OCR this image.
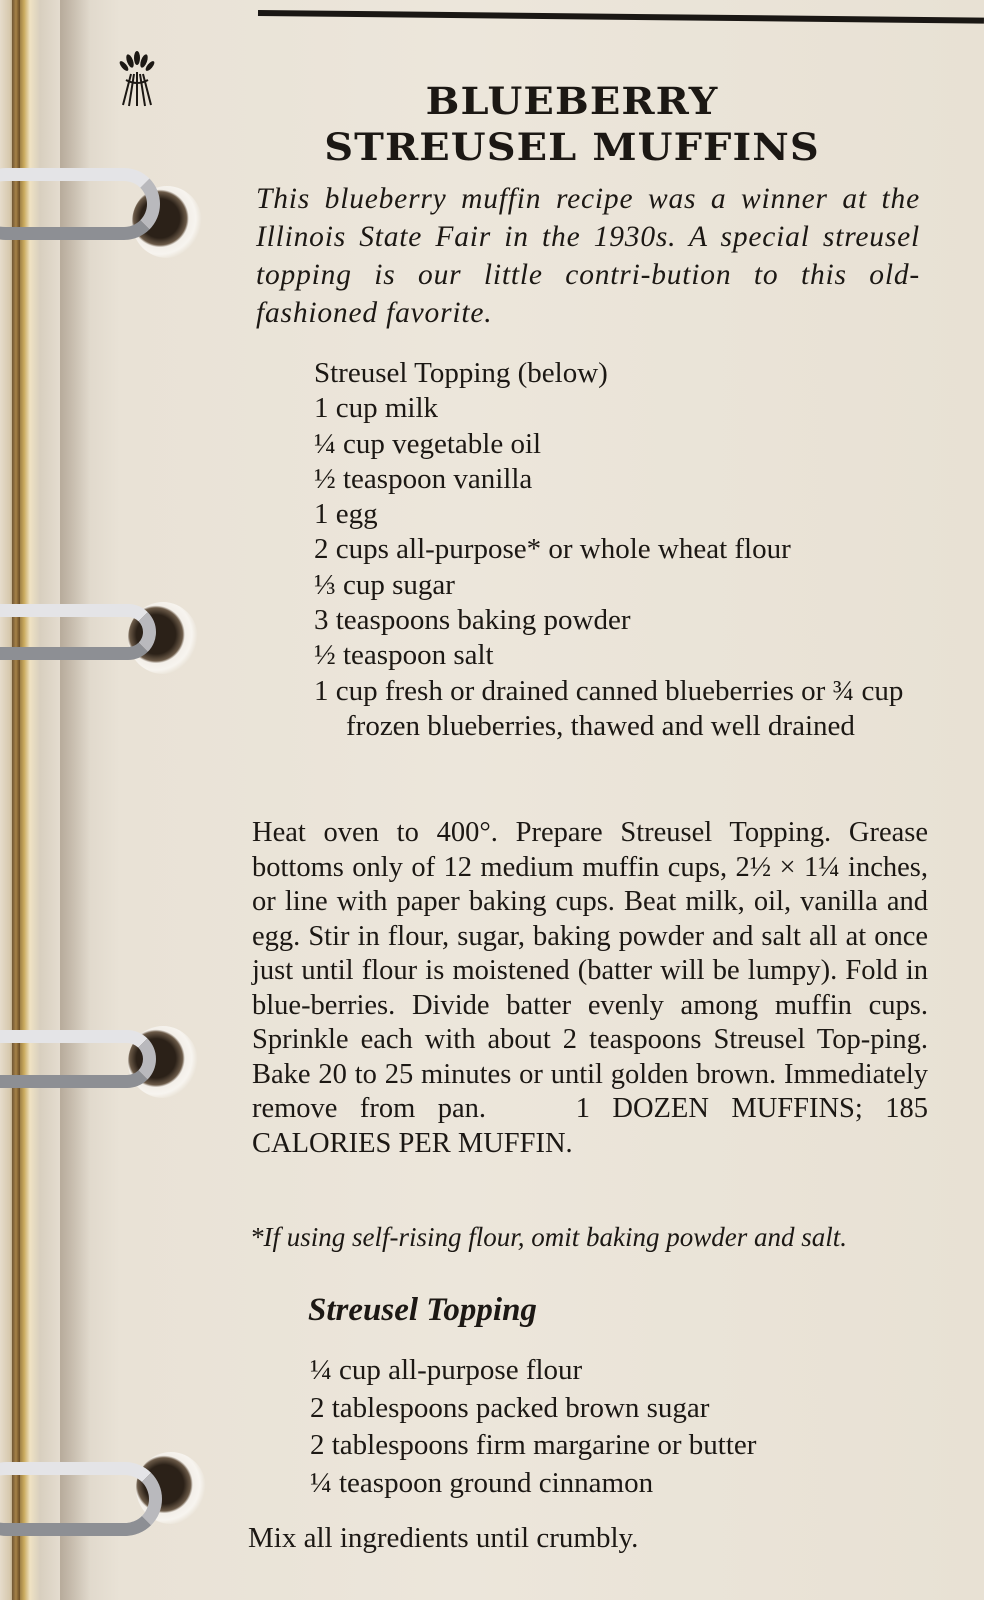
BLUEBERRY
STREUSEL MUFFINS

This blueberry muffin recipe was a winner at the Illinois State Fair in the 1930s. A special streusel topping is our little contri-bution to this old-fashioned favorite.

Streusel Topping (below)
1 cup milk
¼ cup vegetable oil
½ teaspoon vanilla
1 egg
2 cups all-purpose* or whole wheat flour
⅓ cup sugar
3 teaspoons baking powder
½ teaspoon salt
1 cup fresh or drained canned blueberries or ¾ cup frozen blueberries, thawed and well drained

Heat oven to 400°. Prepare Streusel Topping. Grease bottoms only of 12 medium muffin cups, 2½ × 1¼ inches, or line with paper baking cups. Beat milk, oil, vanilla and egg. Stir in flour, sugar, baking powder and salt all at once just until flour is moistened (batter will be lumpy). Fold in blue-berries. Divide batter evenly among muffin cups. Sprinkle each with about 2 teaspoons Streusel Top-ping. Bake 20 to 25 minutes or until golden brown. Immediately remove from pan.	1 DOZEN MUFFINS; 185 CALORIES PER MUFFIN.

*If using self-rising flour, omit baking powder and salt.

Streusel Topping
¼ cup all-purpose flour
2 tablespoons packed brown sugar
2 tablespoons firm margarine or butter
¼ teaspoon ground cinnamon

Mix all ingredients until crumbly.
